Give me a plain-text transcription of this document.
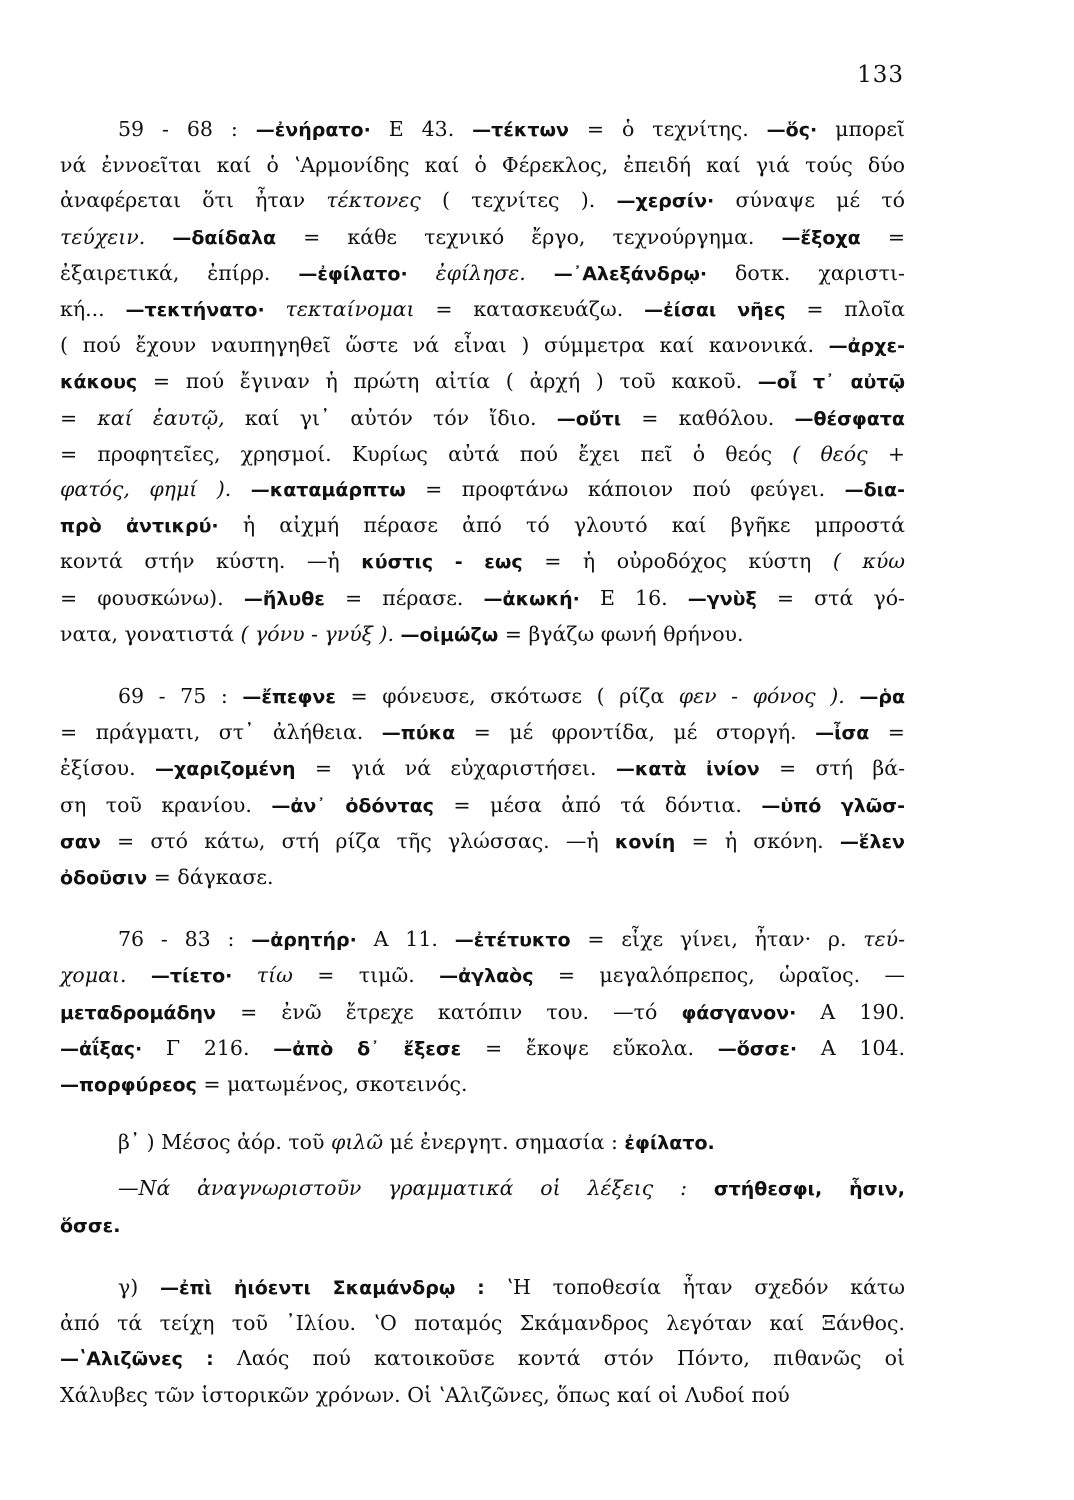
133
59 - 68 : —ἐνήρατο· Ε 43. —τέκτων = ὁ τεχνίτης. —ὅς· μπορεῖ
νά ἐννοεῖται καί ὁ ʽΑρμονίδης καί ὁ Φέρεκλος, ἐπειδή καί γιά τούς δύο
ἀναφέρεται ὅτι ἦταν τέκτονες ( τεχνίτες ). —χερσίν· σύναψε μέ τό
τεύχειν. —δαίδαλα = κάθε τεχνικό ἔργο, τεχνούργημα. —ἔξοχα =
ἐξαιρετικά, ἐπίρρ. —ἐφίλατο· ἐφίλησε. —᾿Αλεξάνδρῳ· δοτκ. χαριστι-
κή... —τεκτήνατο· τεκταίνομαι = κατασκευάζω. —ἐίσαι νῆες = πλοῖα
( πού ἔχουν ναυπηγηθεῖ ὥστε νά εἶναι ) σύμμετρα καί κανονικά. —ἀρχε-
κάκους = πού ἔγιναν ἡ πρώτη αἰτία ( ἀρχή ) τοῦ κακοῦ. —οἶ τ᾿ αὐτῷ
= καί ἑαυτῷ, καί γι᾿ αὐτόν τόν ἴδιο. —οὔτι = καθόλου. —θέσφατα
= προφητεῖες, χρησμοί. Κυρίως αὐτά πού ἔχει πεῖ ὁ θεός ( θεός +
φατός, φημί ). —καταμάρπτω = προφτάνω κάποιον πού φεύγει. —δια-
πρὸ ἀντικρύ· ἡ αἰχμή πέρασε ἀπό τό γλουτό καί βγῆκε μπροστά
κοντά στήν κύστη. —ἡ κύστις - εως = ἡ οὐροδόχος κύστη ( κύω
= φουσκώνω). —ἤλυθε = πέρασε. —ἀκωκή· Ε 16. —γνὺξ = στά γό-
νατα, γονατιστά ( γόνυ - γνύξ ). —οἰμώζω = βγάζω φωνή θρήνου.
69 - 75 : —ἔπεφνε = φόνευσε, σκότωσε ( ρίζα φεν - φόνος ). —ῥα
= πράγματι, στ᾿ ἀλήθεια. —πύκα = μέ φροντίδα, μέ στοργή. —ἶσα =
ἐξίσου. —χαριζομένη = γιά νά εὐχαριστήσει. —κατὰ ἰνίον = στή βά-
ση τοῦ κρανίου. —ἀν᾿ ὀδόντας = μέσα ἀπό τά δόντια. —ὑπό γλῶσ-
σαν = στό κάτω, στή ρίζα τῆς γλώσσας. —ἡ κονίη = ἡ σκόνη. —ἕλεν
ὀδοῦσιν = δάγκασε.
76 - 83 : —ἀρητήρ· Α 11. —ἐτέτυκτο = εἶχε γίνει, ἦταν· ρ. τεύ-
χομαι. —τίετο· τίω = τιμῶ. —ἀγλαὸς = μεγαλόπρεπος, ὡραῖος. —
μεταδρομάδην = ἐνῶ ἔτρεχε κατόπιν του. —τό φάσγανον· Α 190.
—ἀΐξας· Γ 216. —ἀπὸ δ᾿ ἔξεσε = ἔκοψε εὔκολα. —ὅσσε· Α 104.
—πορφύρεος = ματωμένος, σκοτεινός.
β᾿ ) Μέσος ἀόρ. τοῦ φιλῶ μέ ἐνεργητ. σημασία : ἐφίλατο.
—Νά ἀναγνωριστοῦν γραμματικά οἱ λέξεις : στήθεσφι, ἧσιν,
ὅσσε.
γ) —ἐπὶ ἠιόεντι Σκαμάνδρῳ : ʽΗ τοποθεσία ἦταν σχεδόν κάτω
ἀπό τά τείχη τοῦ ᾿Ιλίου. ʽΟ ποταμός Σκάμανδρος λεγόταν καί Ξάνθος.
—ʽΑλιζῶνες : Λαός πού κατοικοῦσε κοντά στόν Πόντο, πιθανῶς οἱ
Χάλυβες τῶν ἱστορικῶν χρόνων. Οἱ ʽΑλιζῶνες, ὅπως καί οἱ Λυδοί πού
